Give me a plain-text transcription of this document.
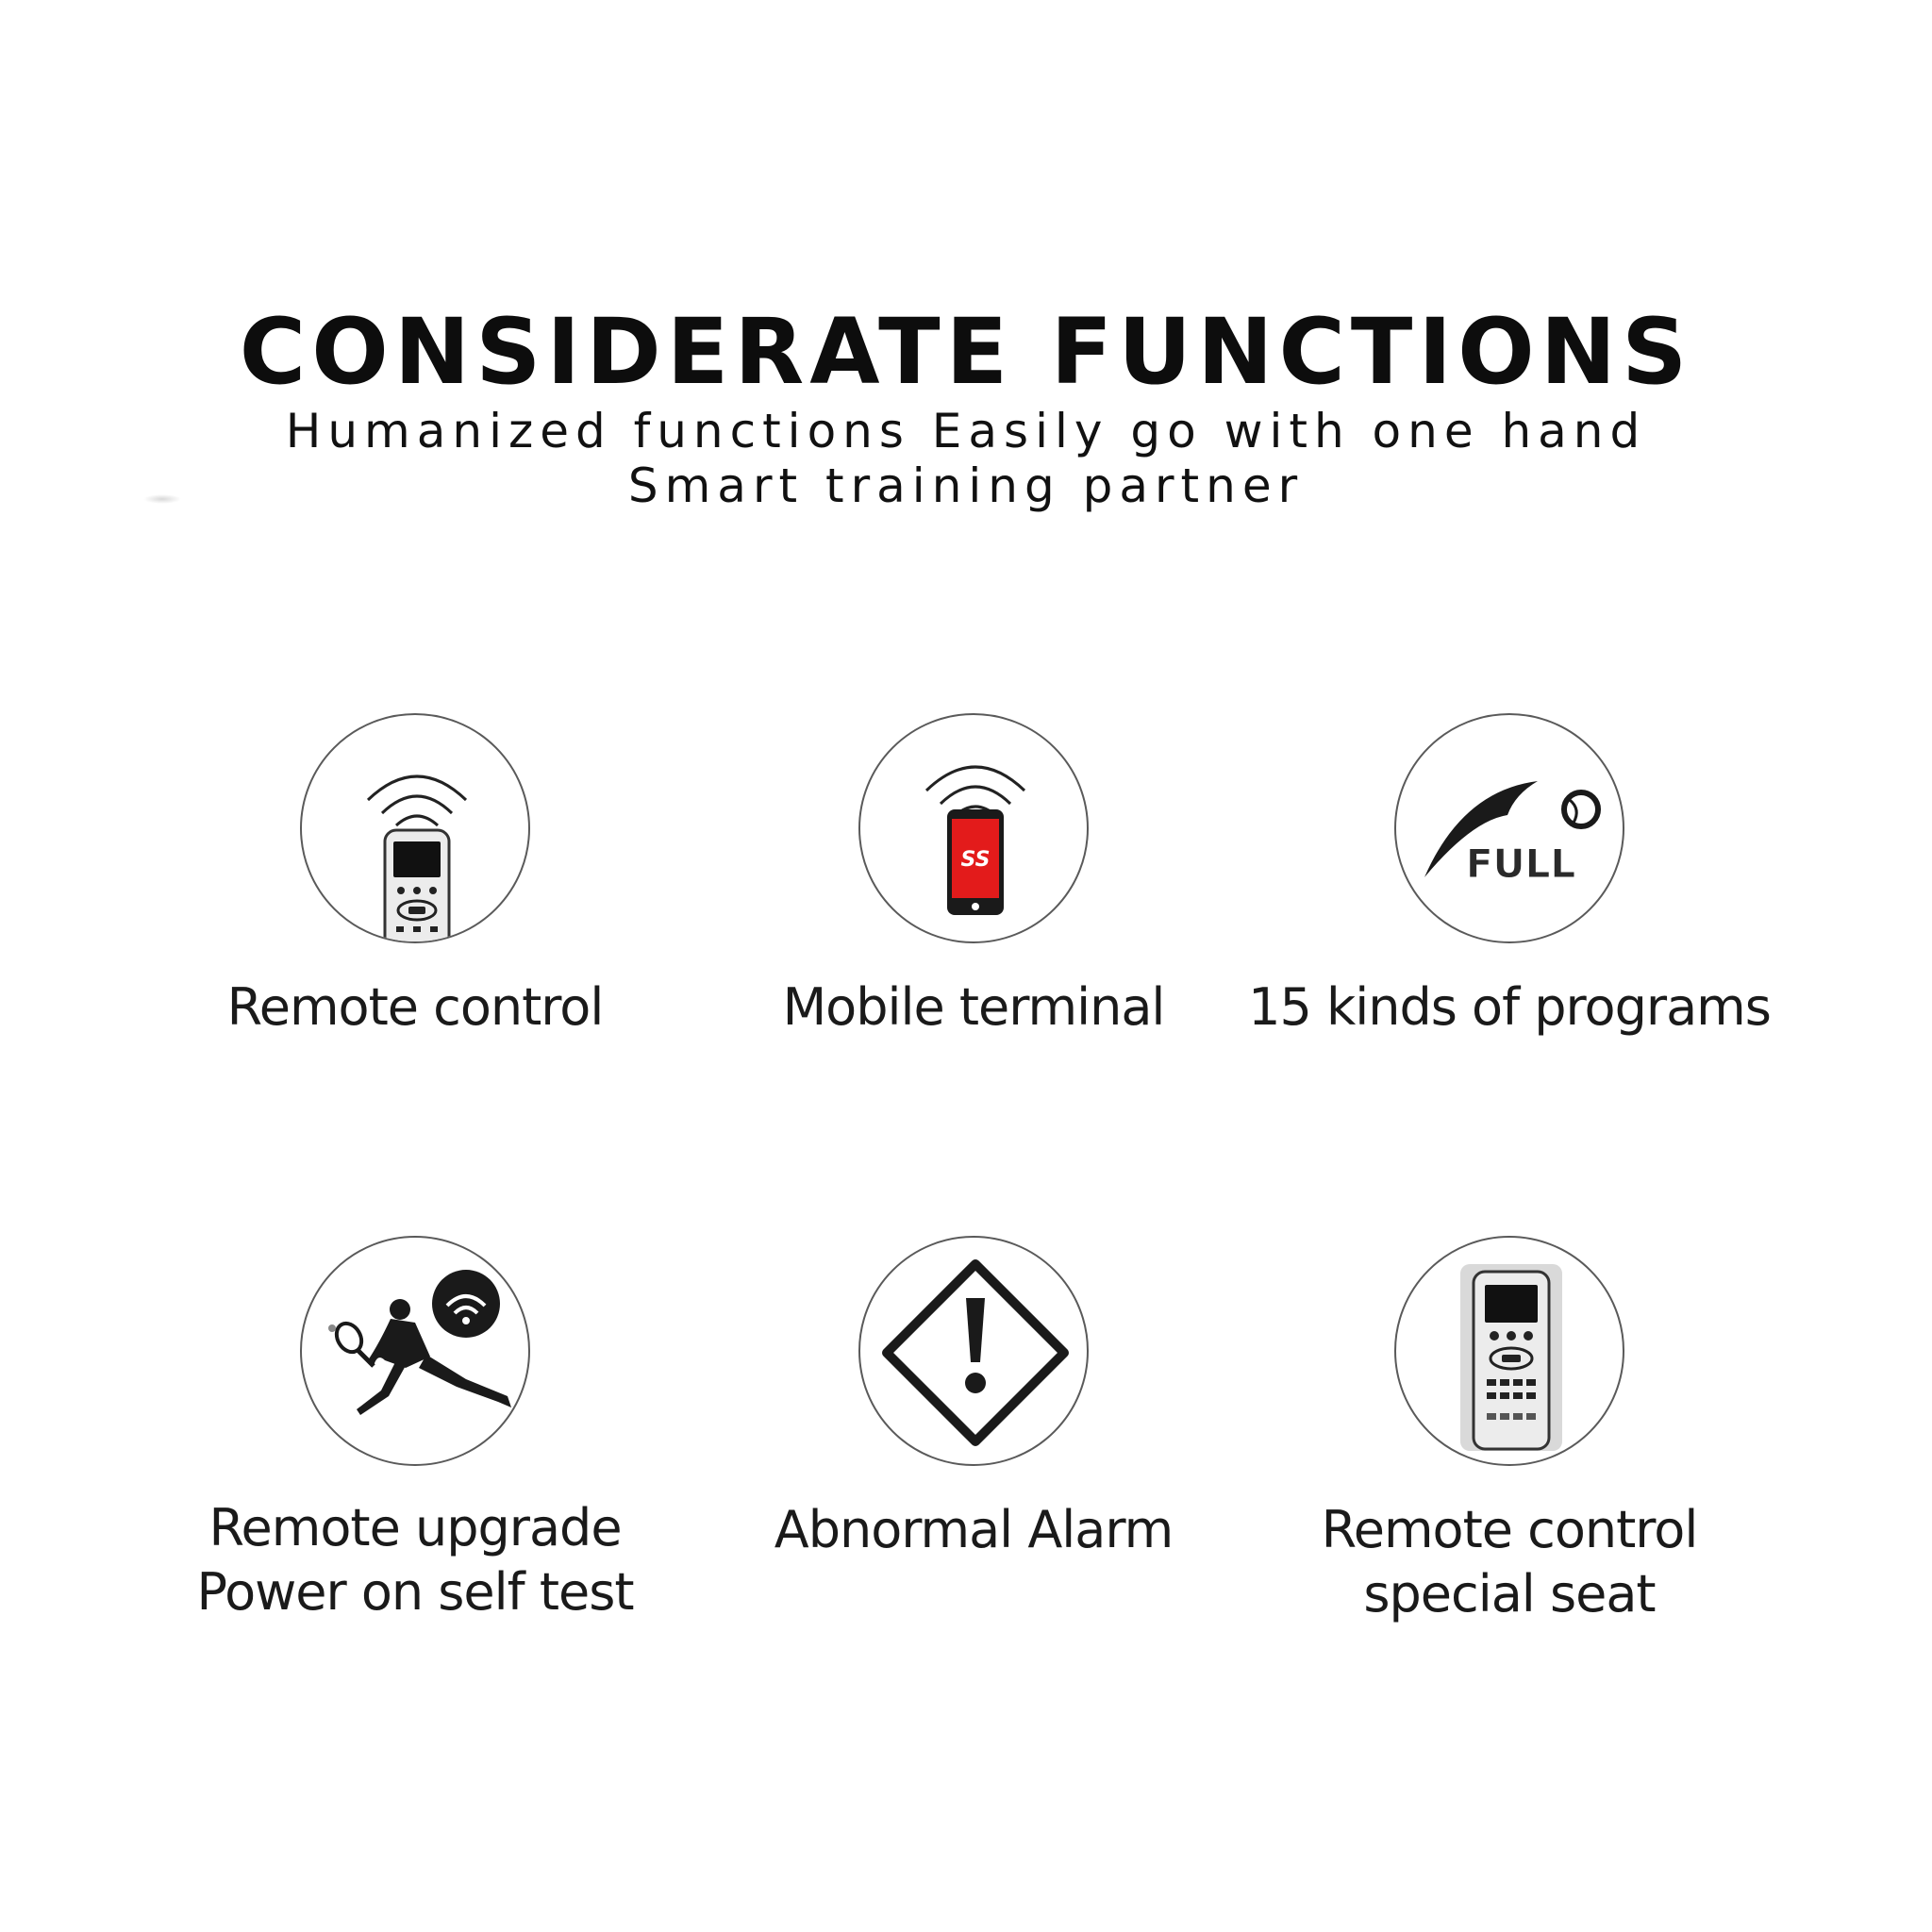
CONSIDERATE FUNCTIONS

Humanized functions Easily go with one hand

Smart training partner

Remote control
SS
Mobile terminal
FULL
15 kinds of programs
Remote upgrade
Power on self test
Abnormal Alarm	Remote control
special seat
